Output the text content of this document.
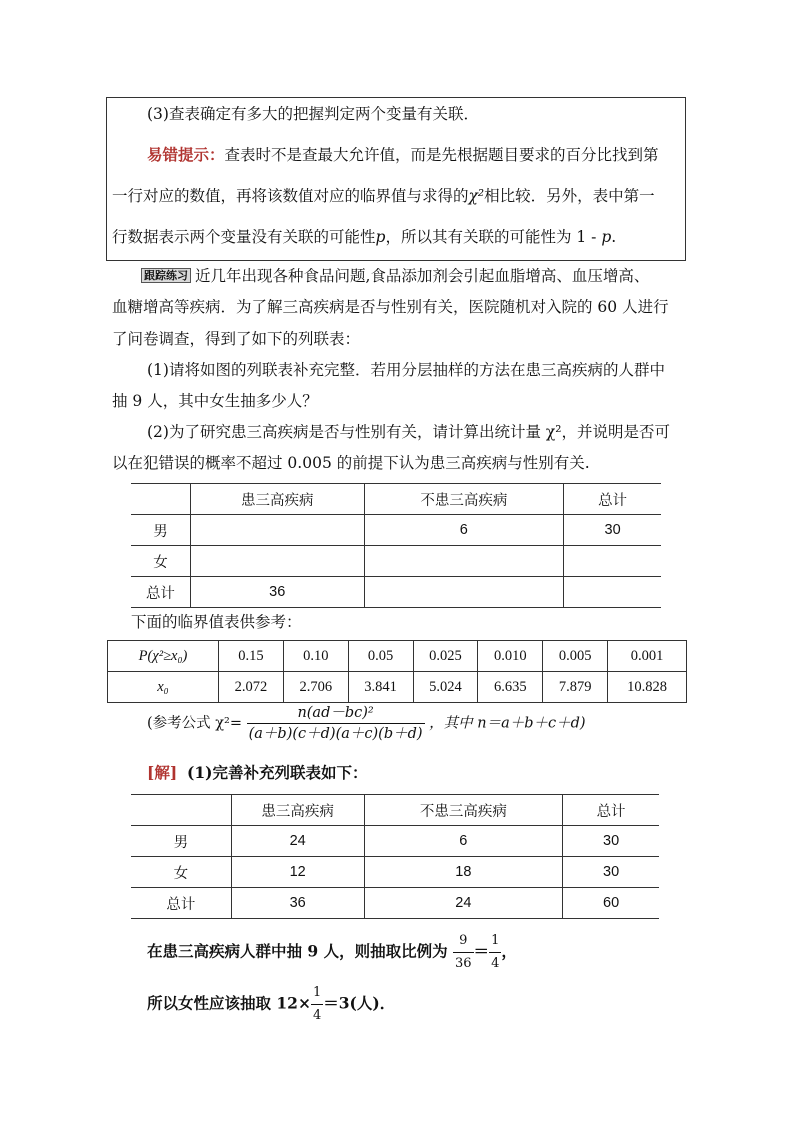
(3)查表确定有多大的把握判定两个变量有关联．
易错提示：查表时不是查最大允许值，而是先根据题目要求的百分比找到第
一行对应的数值，再将该数值对应的临界值与求得的χ²相比较．另外，表中第一
行数据表示两个变量没有关联的可能性p，所以其有关联的可能性为 1 - p.
跟踪练习 近几年出现各种食品问题,食品添加剂会引起血脂增高、血压增高、
血糖增高等疾病．为了解三高疾病是否与性别有关，医院随机对入院的 60 人进行
了问卷调查，得到了如下的列联表：
(1)请将如图的列联表补充完整．若用分层抽样的方法在患三高疾病的人群中
抽 9 人，其中女生抽多少人？
(2)为了研究患三高疾病是否与性别有关，请计算出统计量 χ²，并说明是否可
以在犯错误的概率不超过 0.005 的前提下认为患三高疾病与性别有关.
	患三高疾病	不患三高疾病	总计
男		6	30
女			
总计	36		
下面的临界值表供参考：
P(χ²≥x₀)	0.15	0.10	0.05	0.025	0.010	0.005	0.001
x₀	2.072	2.706	3.841	5.024	6.635	7.879	10.828
(参考公式 $\chi^2= \frac{\text{n(ad－bc)²}}{(a+b)(c+d)(a+c)(b+d)}$ ，其中 n＝a＋b＋c＋d)
[解] (1)完善补充列联表如下：
	患三高疾病	不患三高疾病	总计
男	24	6	30
女	12	18	30
总计	36	24	60
在患三高疾病人群中抽 9 人，则抽取比例为 $\frac{9}{36} = \frac{1}{4}$ ，
所以女性应该抽取 $12\times \frac{1}{4} =3$(人)．
